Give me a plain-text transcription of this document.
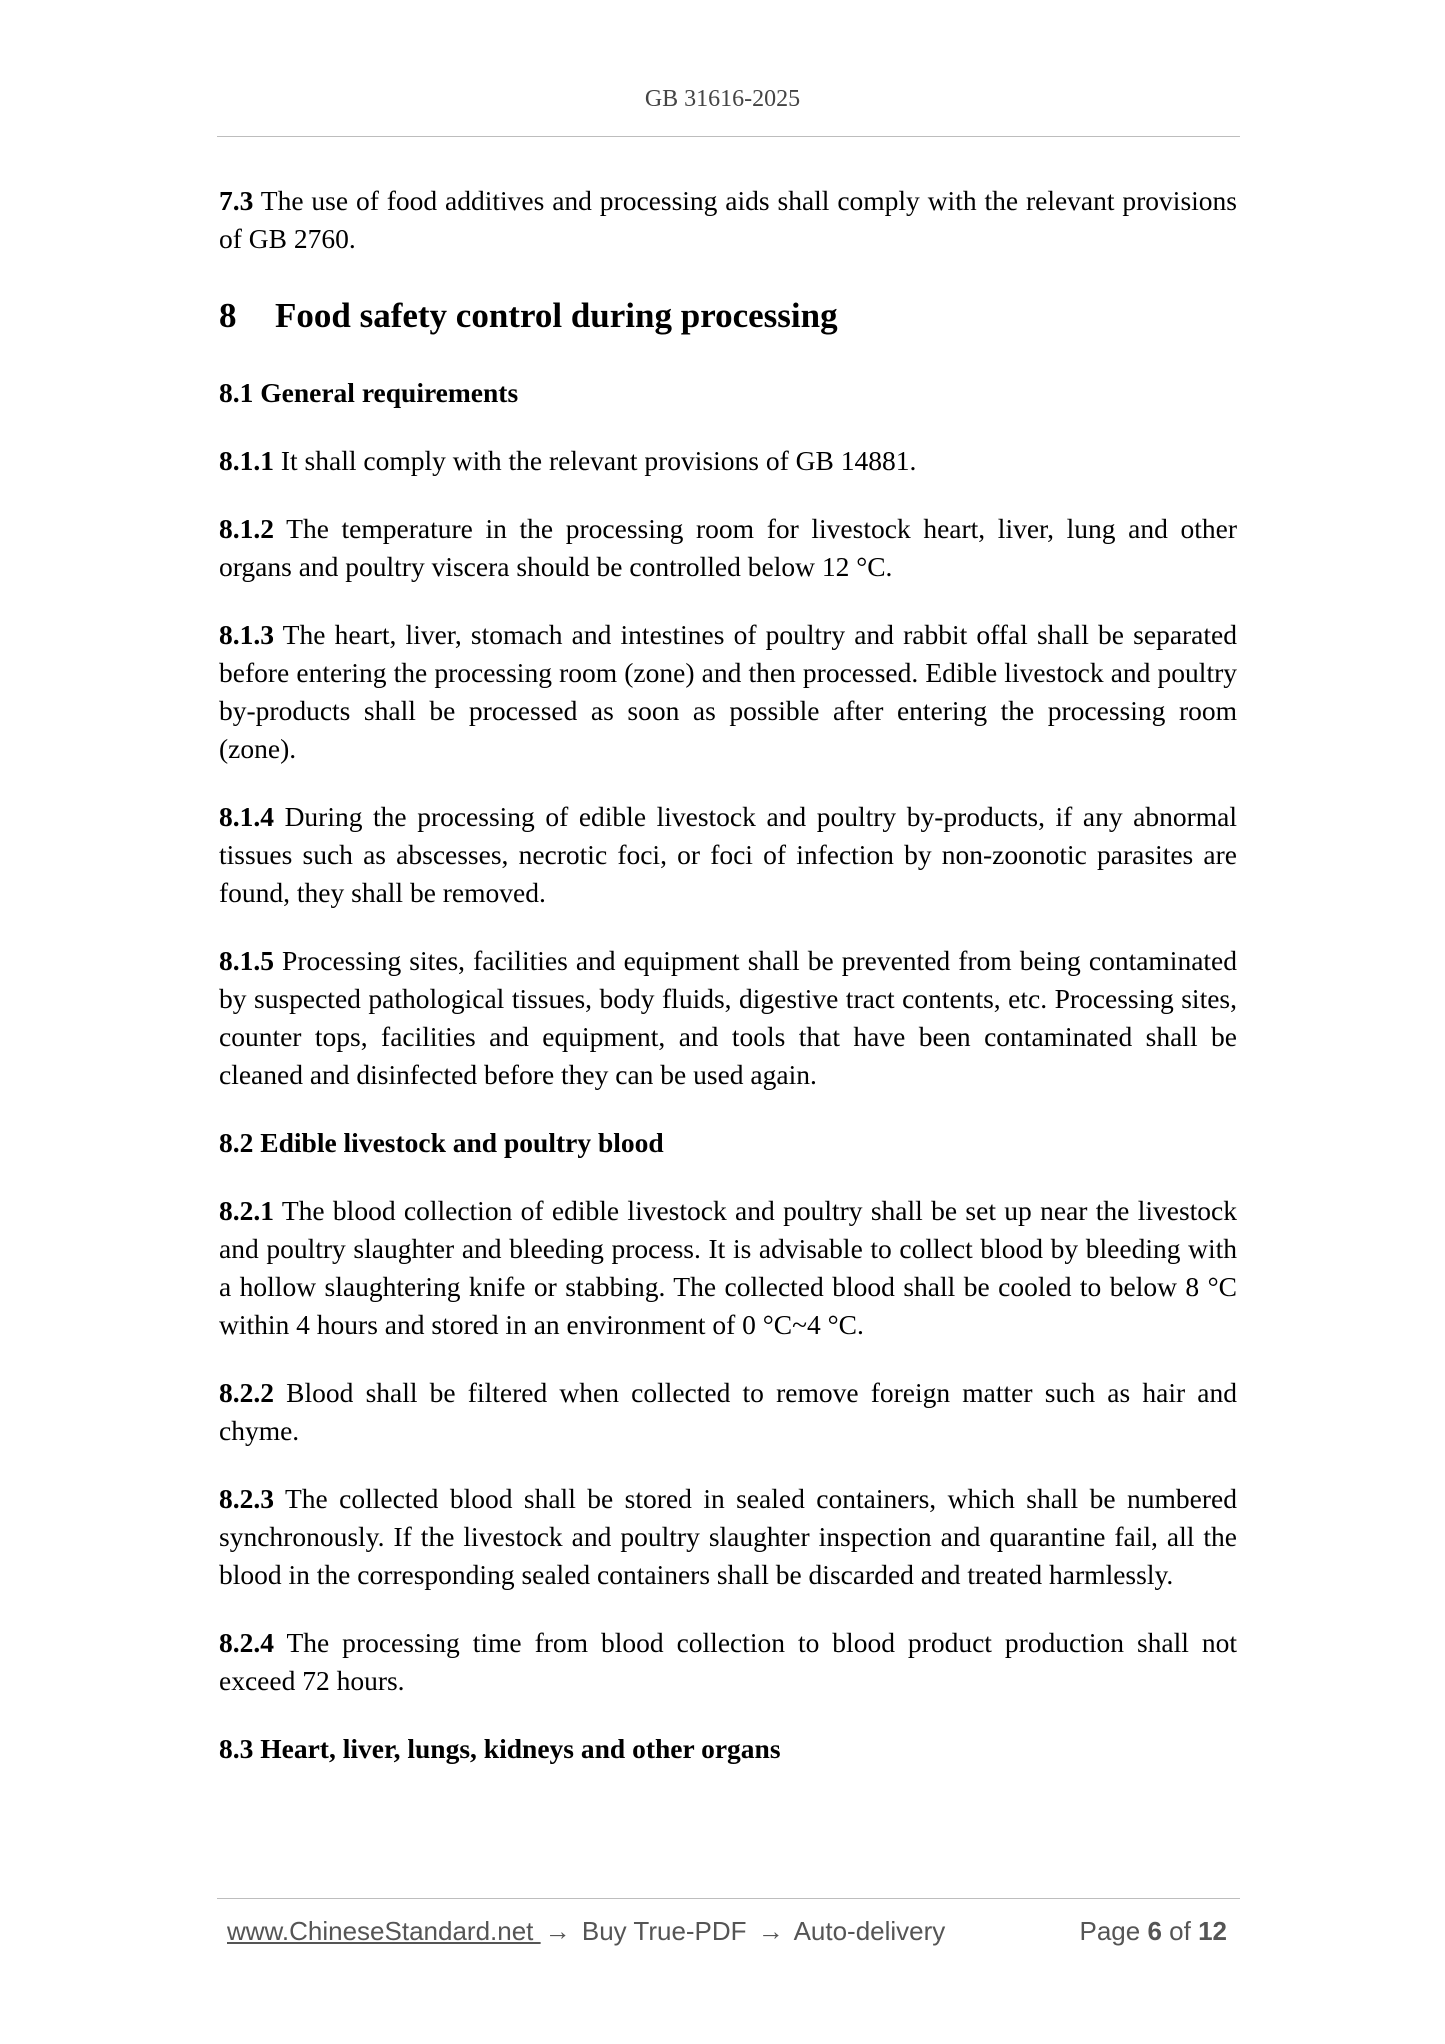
GB 31616-2025

7.3 The use of food additives and processing aids shall comply with the relevant provisions of GB 2760.

8 Food safety control during processing
8.1 General requirements

8.1.1 It shall comply with the relevant provisions of GB 14881.

8.1.2 The temperature in the processing room for livestock heart, liver, lung and other organs and poultry viscera should be controlled below 12 °C.

8.1.3 The heart, liver, stomach and intestines of poultry and rabbit offal shall be separated before entering the processing room (zone) and then processed. Edible livestock and poultry by-products shall be processed as soon as possible after entering the processing room (zone).

8.1.4 During the processing of edible livestock and poultry by-products, if any abnormal tissues such as abscesses, necrotic foci, or foci of infection by non-zoonotic parasites are found, they shall be removed.

8.1.5 Processing sites, facilities and equipment shall be prevented from being contaminated by suspected pathological tissues, body fluids, digestive tract contents, etc. Processing sites, counter tops, facilities and equipment, and tools that have been contaminated shall be cleaned and disinfected before they can be used again.

8.2 Edible livestock and poultry blood

8.2.1 The blood collection of edible livestock and poultry shall be set up near the livestock and poultry slaughter and bleeding process. It is advisable to collect blood by bleeding with a hollow slaughtering knife or stabbing. The collected blood shall be cooled to below 8 °C within 4 hours and stored in an environment of 0 °C~4 °C.

8.2.2 Blood shall be filtered when collected to remove foreign matter such as hair and chyme.

8.2.3 The collected blood shall be stored in sealed containers, which shall be numbered synchronously. If the livestock and poultry slaughter inspection and quarantine fail, all the blood in the corresponding sealed containers shall be discarded and treated harmlessly.

8.2.4 The processing time from blood collection to blood product production shall not exceed 72 hours.

8.3 Heart, liver, lungs, kidneys and other organs
www.ChineseStandard.net → Buy True-PDF → Auto-delivery	Page 6 of 12
